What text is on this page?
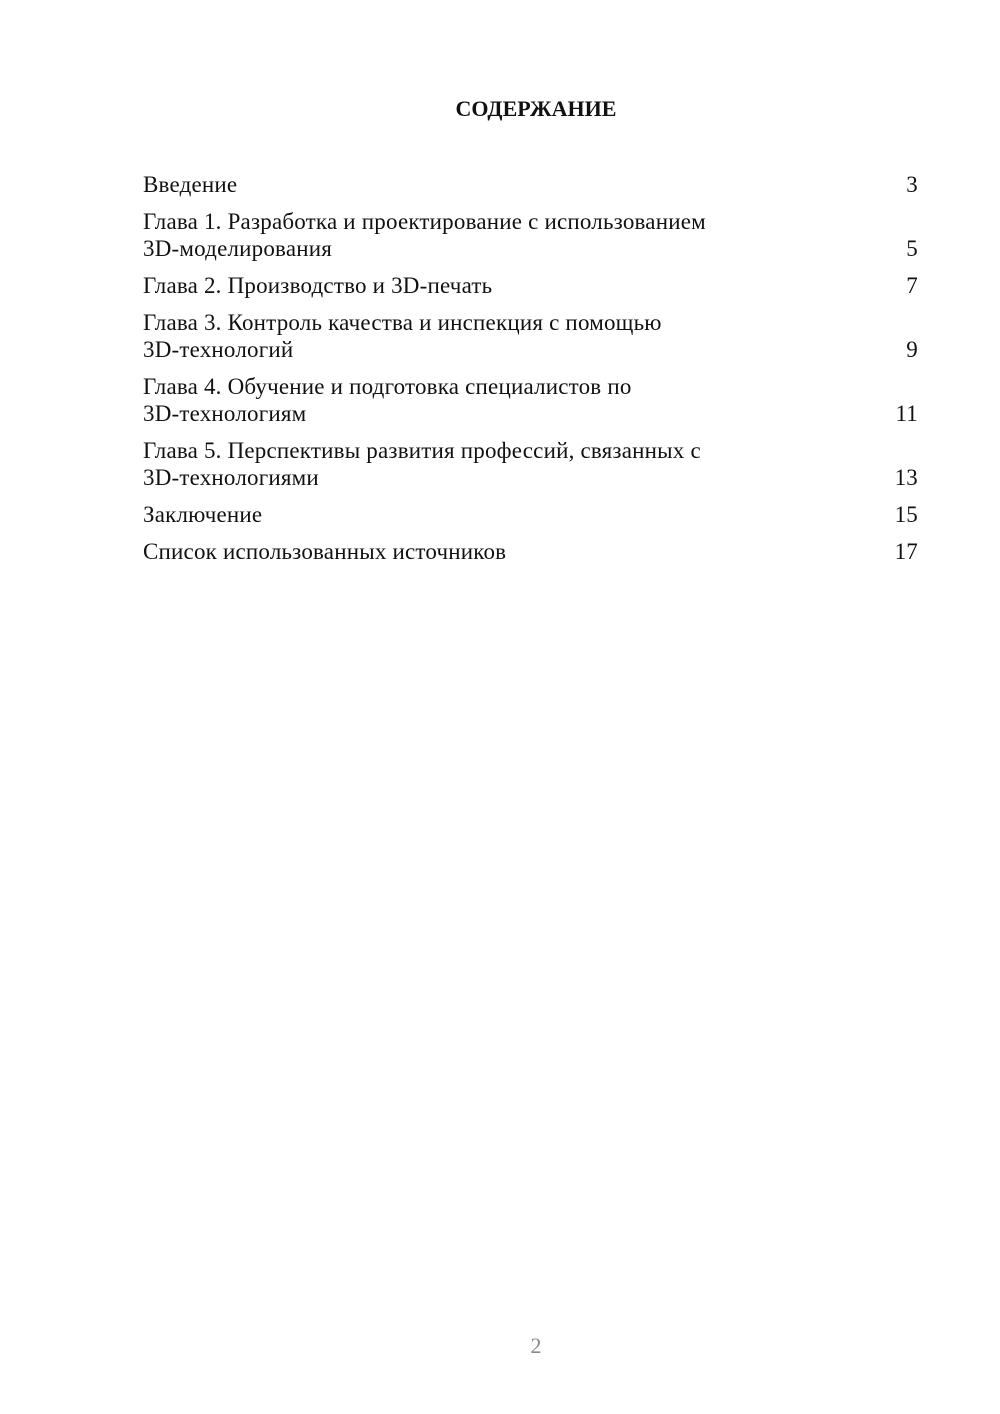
СОДЕРЖАНИЕ
Введение	3
Глава 1. Разработка и проектирование с использованием
3D-моделирования	5
Глава 2. Производство и 3D-печать	7
Глава 3. Контроль качества и инспекция с помощью
3D-технологий	9
Глава 4. Обучение и подготовка специалистов по
3D-технологиям	11
Глава 5. Перспективы развития профессий, связанных с
3D-технологиями	13
Заключение	15
Список использованных источников	17
2
